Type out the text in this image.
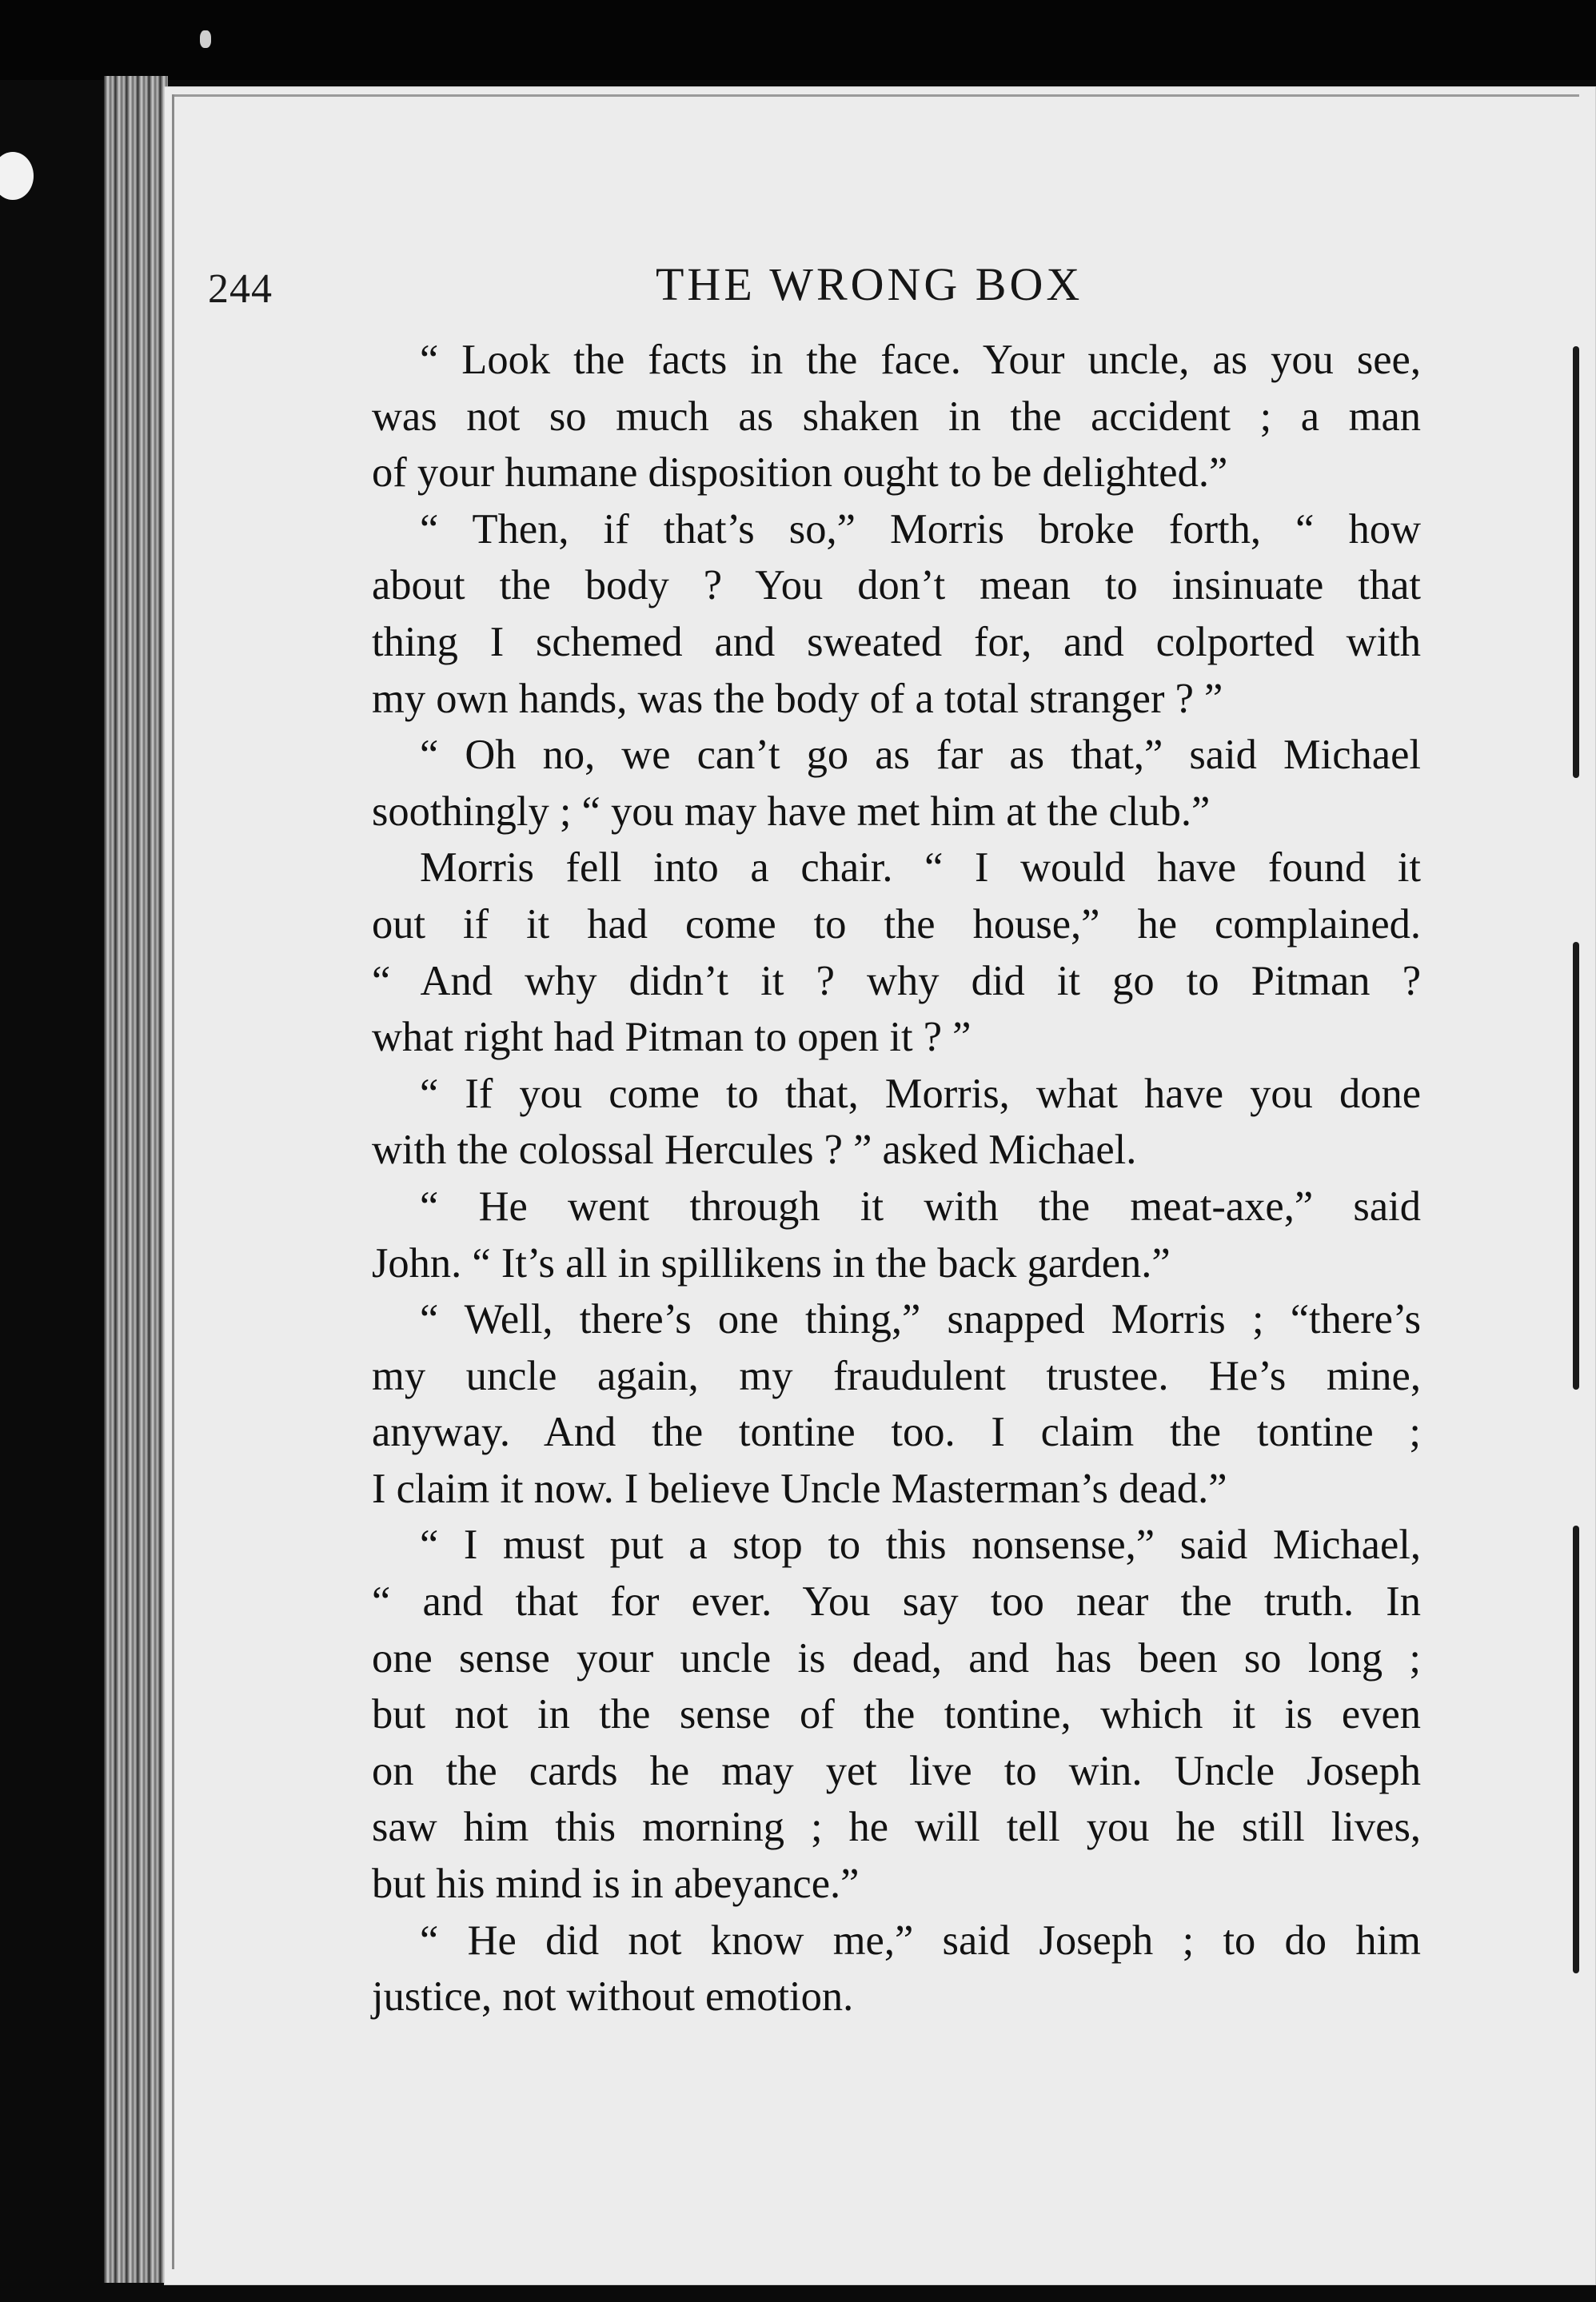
244	THE WRONG BOX
“ Look the facts in the face. Your uncle, as you see,
was not so much as shaken in the accident ; a man
of your humane disposition ought to be delighted.”
“ Then, if that’s so,” Morris broke forth, “ how
about the body ? You don’t mean to insinuate that
thing I schemed and sweated for, and colported with
my own hands, was the body of a total stranger ? ”
“ Oh no, we can’t go as far as that,” said Michael
soothingly ; “ you may have met him at the club.”
Morris fell into a chair. “ I would have found it
out if it had come to the house,” he complained.
“ And why didn’t it ? why did it go to Pitman ?
what right had Pitman to open it ? ”
“ If you come to that, Morris, what have you done
with the colossal Hercules ? ” asked Michael.
“ He went through it with the meat-axe,” said
John. “ It’s all in spillikens in the back garden.”
“ Well, there’s one thing,” snapped Morris ; “there’s
my uncle again, my fraudulent trustee. He’s mine,
anyway. And the tontine too. I claim the tontine ;
I claim it now. I believe Uncle Masterman’s dead.”
“ I must put a stop to this nonsense,” said Michael,
“ and that for ever. You say too near the truth. In
one sense your uncle is dead, and has been so long ;
but not in the sense of the tontine, which it is even
on the cards he may yet live to win. Uncle Joseph
saw him this morning ; he will tell you he still lives,
but his mind is in abeyance.”
“ He did not know me,” said Joseph ; to do him
justice, not without emotion.
